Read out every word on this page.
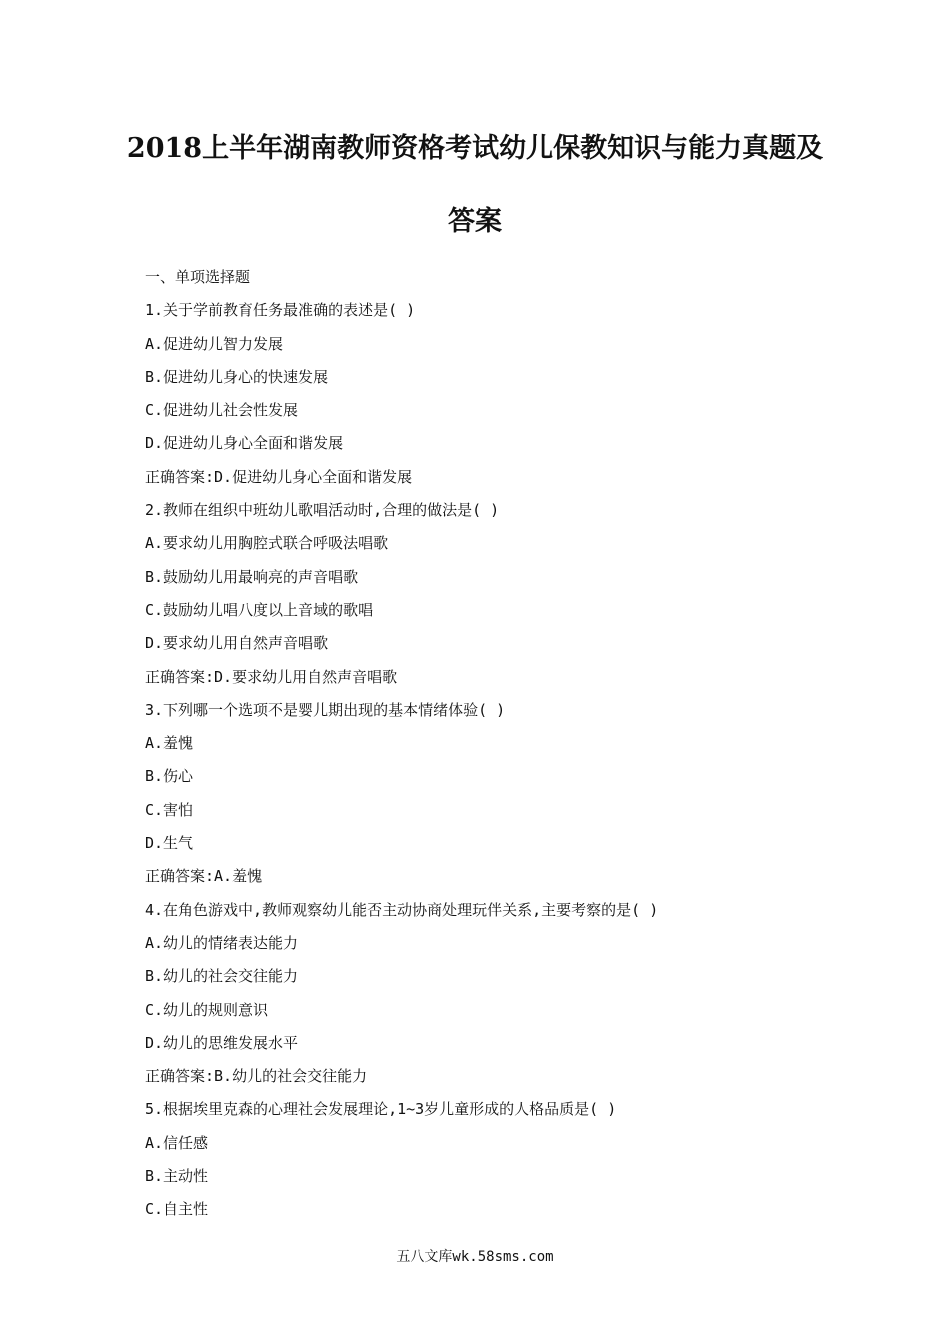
2018上半年湖南教师资格考试幼儿保教知识与能力真题及
答案
一、单项选择题
1.关于学前教育任务最准确的表述是( )
A.促进幼儿智力发展
B.促进幼儿身心的快速发展
C.促进幼儿社会性发展
D.促进幼儿身心全面和谐发展
正确答案:D.促进幼儿身心全面和谐发展
2.教师在组织中班幼儿歌唱活动时,合理的做法是( )
A.要求幼儿用胸腔式联合呼吸法唱歌
B.鼓励幼儿用最响亮的声音唱歌
C.鼓励幼儿唱八度以上音域的歌唱
D.要求幼儿用自然声音唱歌
正确答案:D.要求幼儿用自然声音唱歌
3.下列哪一个选项不是婴儿期出现的基本情绪体验( )
A.羞愧
B.伤心
C.害怕
D.生气
正确答案:A.羞愧
4.在角色游戏中,教师观察幼儿能否主动协商处理玩伴关系,主要考察的是( )
A.幼儿的情绪表达能力
B.幼儿的社会交往能力
C.幼儿的规则意识
D.幼儿的思维发展水平
正确答案:B.幼儿的社会交往能力
5.根据埃里克森的心理社会发展理论,1~3岁儿童形成的人格品质是( )
A.信任感
B.主动性
C.自主性
五八文库wk.58sms.com
